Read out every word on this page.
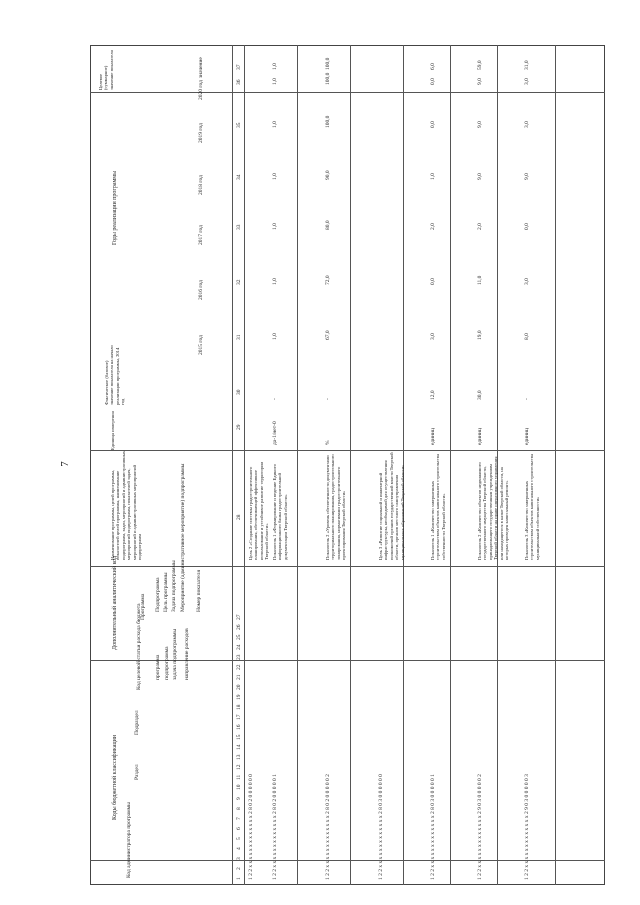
7
Коды бюджетной классификации
Код администратора программы
Раздел
Подраздел
Код целевой статьи расхода бюджета программа подпрограмма задача подпрограммы направление расходов
Дополнительный аналитический код	Программа Подпрограмма Цель программы Задача подпрограммы Мероприятие (административное мероприятие) подпрограммы Номер показателя
Наименование программы, целей программы, показателей целей программы, наименование подпрограмм, задач, мероприятий и административных мероприятий подпрограмм, показателей задач, мероприятий и административных мероприятий подпрограмм
Единица измерения
Фактическое (базовое) значение показателя на начало реализации программы, 2014 год
Годы реализации программы
2015 год
2016 год
2017 год
2018 год
2019 год
2020 год
Целевое (суммарное) значение показателя	значение
1
2
3
4
5
6
7
8
9
10
11
12
13
14
15
16
17
18
19
20
21
22
23
24
25
26
27
28
29
30
31
32
33
34
35
36
37
1 2 2 х х х х х х х х х х х х х 2 8 0 2 0 0 0 0 0 0
Цель 2 «Создание системы градостроительного планирования, обеспечивающей эффективное использование и устойчивое развитие территории Тверской области»
1 2 2 х х х х х х х х х х х х х 2 8 0 2 0 0 0 0 0 1
Показатель 1 «Формирование и ведение Единого информационного банка градостроительной документации Тверской области»
да-1/нет-0
-
1,0
1,0
1,0
1,0
1,0
1,0
1,0
1 2 2 х х х х х х х х х х х х х 2 8 0 2 0 0 0 0 0 2
Показатель 2 «Уровень обеспеченности документами территориального планирования, градостроительного зонирования, нормативами градостроительного проектирования Тверской области»
%
-
67,0
72,0
80,0
90,0
100,0
100,0
100,0
1 2 2 х х х х х х х х х х х х х 2 8 0 3 0 0 0 0 0 0
Цель 3 «Развитие социальной и инженерной инфраструктуры, необходимой для осуществления полномочий органов государственной власти Тверской области, органов местного самоуправления муниципальных образований Тверской области»
1 2 2 х х х х х х х х х х х х х 2 8 0 3 0 0 0 0 0 1
Показатель 1 «Количество завершенных строительством объектов капитального строительства собственности Тверской области»
единиц
12,0
3,0
0,0
2,0
1,0
0,0
0,0
6,0
1 2 2 х х х х х х х х х х х х х 2 9 0 3 0 0 0 0 0 2
Показатель 2 «Количество объектов недвижимого государственного имущества Тверской области, принадлежащего государственным учреждениям Тверской области на праве оперативного управления или находящегося в казне Тверской области, на которых проведен капитальный ремонт»
единиц
30,0
19,0
11,0
2,0
9,0
9,0
9,0
59,0
1 2 2 х х х х х х х х х х х х х 2 9 0 3 0 0 0 0 0 3
Показатель 3 «Количество завершенных строительством объектов капитального строительства муниципальной собственности»
единиц
-
8,0
3,0
0,0
9,0
3,0
3,0
31,0
